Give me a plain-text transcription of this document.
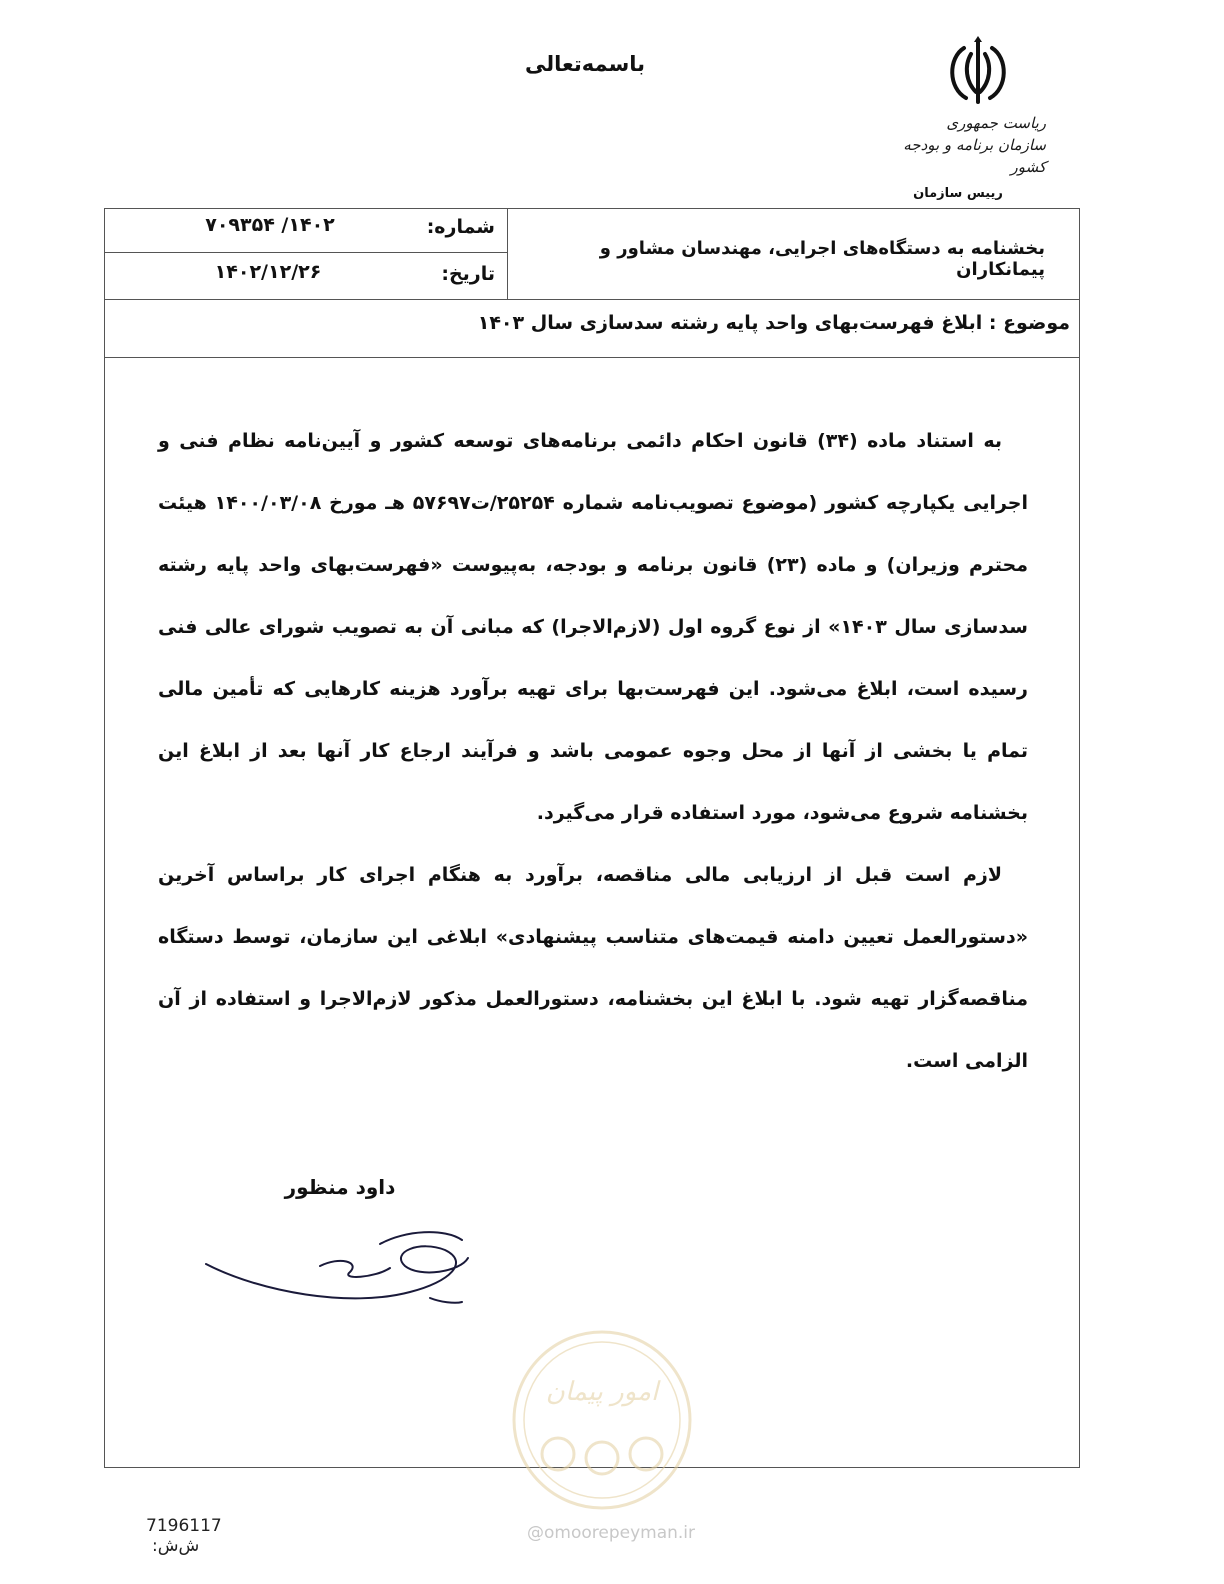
باسمه‌تعالی
ریاست جمهوری
سازمان برنامه و بودجه کشور
رییس سازمان
شماره:
۱۴۰۲/ ۷۰۹۳۵۴
تاریخ:
۱۴۰۲/۱۲/۲۶
بخشنامه به دستگاه‌های اجرایی، مهندسان مشاور و پیمانکاران
موضوع : ابلاغ فهرست‌بهای واحد پایه رشته سدسازی سال ۱۴۰۳

به استناد ماده (۳۴) قانون احکام دائمی برنامه‌های توسعه کشور و آیین‌نامه نظام فنی و اجرایی یکپارچه کشور (موضوع تصویب‌نامه شماره ۲۵۲۵۴/ت۵۷۶۹۷ هـ مورخ ۱۴۰۰/۰۳/۰۸ هیئت محترم وزیران) و ماده (۲۳) قانون برنامه و بودجه، به‌پیوست «فهرست‌بهای واحد پایه رشته سدسازی سال ۱۴۰۳» از نوع گروه اول (لازم‌الاجرا) که مبانی آن به تصویب شورای عالی فنی رسیده است، ابلاغ می‌شود. این فهرست‌بها برای تهیه برآورد هزینه کارهایی که تأمین مالی تمام یا بخشی از آنها از محل وجوه عمومی باشد و فرآیند ارجاع کار آنها بعد از ابلاغ این بخشنامه شروع می‌شود، مورد استفاده قرار می‌گیرد.

لازم است قبل از ارزیابی مالی مناقصه، برآورد به هنگام اجرای کار براساس آخرین «دستورالعمل تعیین دامنه قیمت‌های متناسب پیشنهادی» ابلاغی این سازمان، توسط دستگاه مناقصه‌گزار تهیه شود. با ابلاغ این بخشنامه، دستورالعمل مذکور لازم‌الاجرا و استفاده از آن الزامی است.

داود منظور
امور پیمان
@omoorepeyman.ir
7196117 ش‌ش:
